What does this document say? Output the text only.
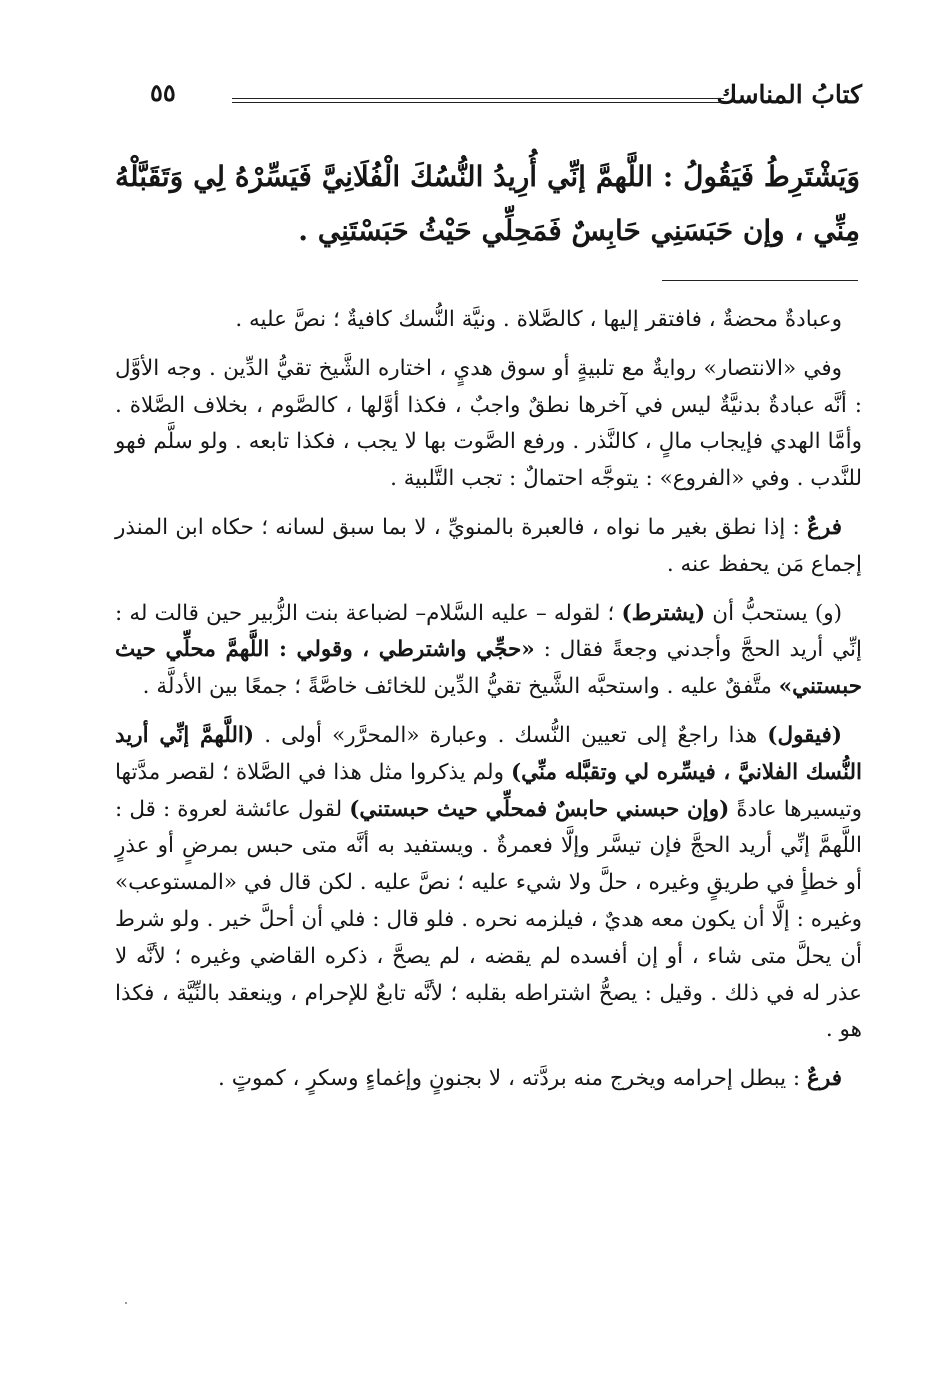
كتابُ المناسك
٥٥

وَيَشْتَرِطُ فَيَقُولُ : اللَّهمَّ إنِّي أُرِيدُ النُّسُكَ الْفُلَانِيَّ فَيَسِّرْهُ لِي وَتَقَبَّلْهُ مِنِّي ، وإن حَبَسَنِي حَابِسٌ فَمَحِلِّي حَيْثُ حَبَسْتَنِي .

وعبادةٌ محضةٌ ، فافتقر إليها ، كالصَّلاة . ونيَّة النُّسك كافيةٌ ؛ نصَّ عليه .

وفي «الانتصار» روايةٌ مع تلبيةٍ أو سوق هديٍ ، اختاره الشَّيخ تقيُّ الدِّين . وجه الأوَّل : أنَّه عبادةٌ بدنيَّةٌ ليس في آخرها نطقٌ واجبٌ ، فكذا أوَّلها ، كالصَّوم ، بخلاف الصَّلاة . وأمَّا الهدي فإيجاب مالٍ ، كالنَّذر . ورفع الصَّوت بها لا يجب ، فكذا تابعه . ولو سلَّم فهو للنَّدب . وفي «الفروع» : يتوجَّه احتمالٌ : تجب التَّلبية .

فرعٌ : إذا نطق بغير ما نواه ، فالعبرة بالمنويِّ ، لا بما سبق لسانه ؛ حكاه ابن المنذر إجماع مَن يحفظ عنه .

(و) يستحبُّ أن (يشترط) ؛ لقوله – عليه السَّلام– لضباعة بنت الزُّبير حين قالت له : إنِّي أريد الحجَّ وأجدني وجعةً فقال : «حجِّي واشترطي ، وقولي : اللَّهمَّ محلِّي حيث حبستني» متَّفقٌ عليه . واستحبَّه الشَّيخ تقيُّ الدِّين للخائف خاصَّةً ؛ جمعًا بين الأدلَّة .

(فيقول) هذا راجعٌ إلى تعيين النُّسك . وعبارة «المحرَّر» أولى . (اللَّهمَّ إنِّي أريد النُّسك الفلانيَّ ، فيسِّره لي وتقبَّله منِّي) ولم يذكروا مثل هذا في الصَّلاة ؛ لقصر مدَّتها وتيسيرها عادةً (وإن حبسني حابسٌ فمحلِّي حيث حبستني) لقول عائشة لعروة : قل : اللَّهمَّ إنِّي أريد الحجَّ فإن تيسَّر وإلَّا فعمرةٌ . ويستفيد به أنَّه متى حبس بمرضٍ أو عذرٍ أو خطأٍ في طريقٍ وغيره ، حلَّ ولا شيء عليه ؛ نصَّ عليه . لكن قال في «المستوعب» وغيره : إلَّا أن يكون معه هديٌ ، فيلزمه نحره . فلو قال : فلي أن أحلَّ خير . ولو شرط أن يحلَّ متى شاء ، أو إن أفسده لم يقضه ، لم يصحَّ ، ذكره القاضي وغيره ؛ لأنَّه لا عذر له في ذلك . وقيل : يصحُّ اشتراطه بقلبه ؛ لأنَّه تابعٌ للإحرام ، وينعقد بالنِّيَّة ، فكذا هو .

فرعٌ : يبطل إحرامه ويخرج منه بردَّته ، لا بجنونٍ وإغماءٍ وسكرٍ ، كموتٍ .
